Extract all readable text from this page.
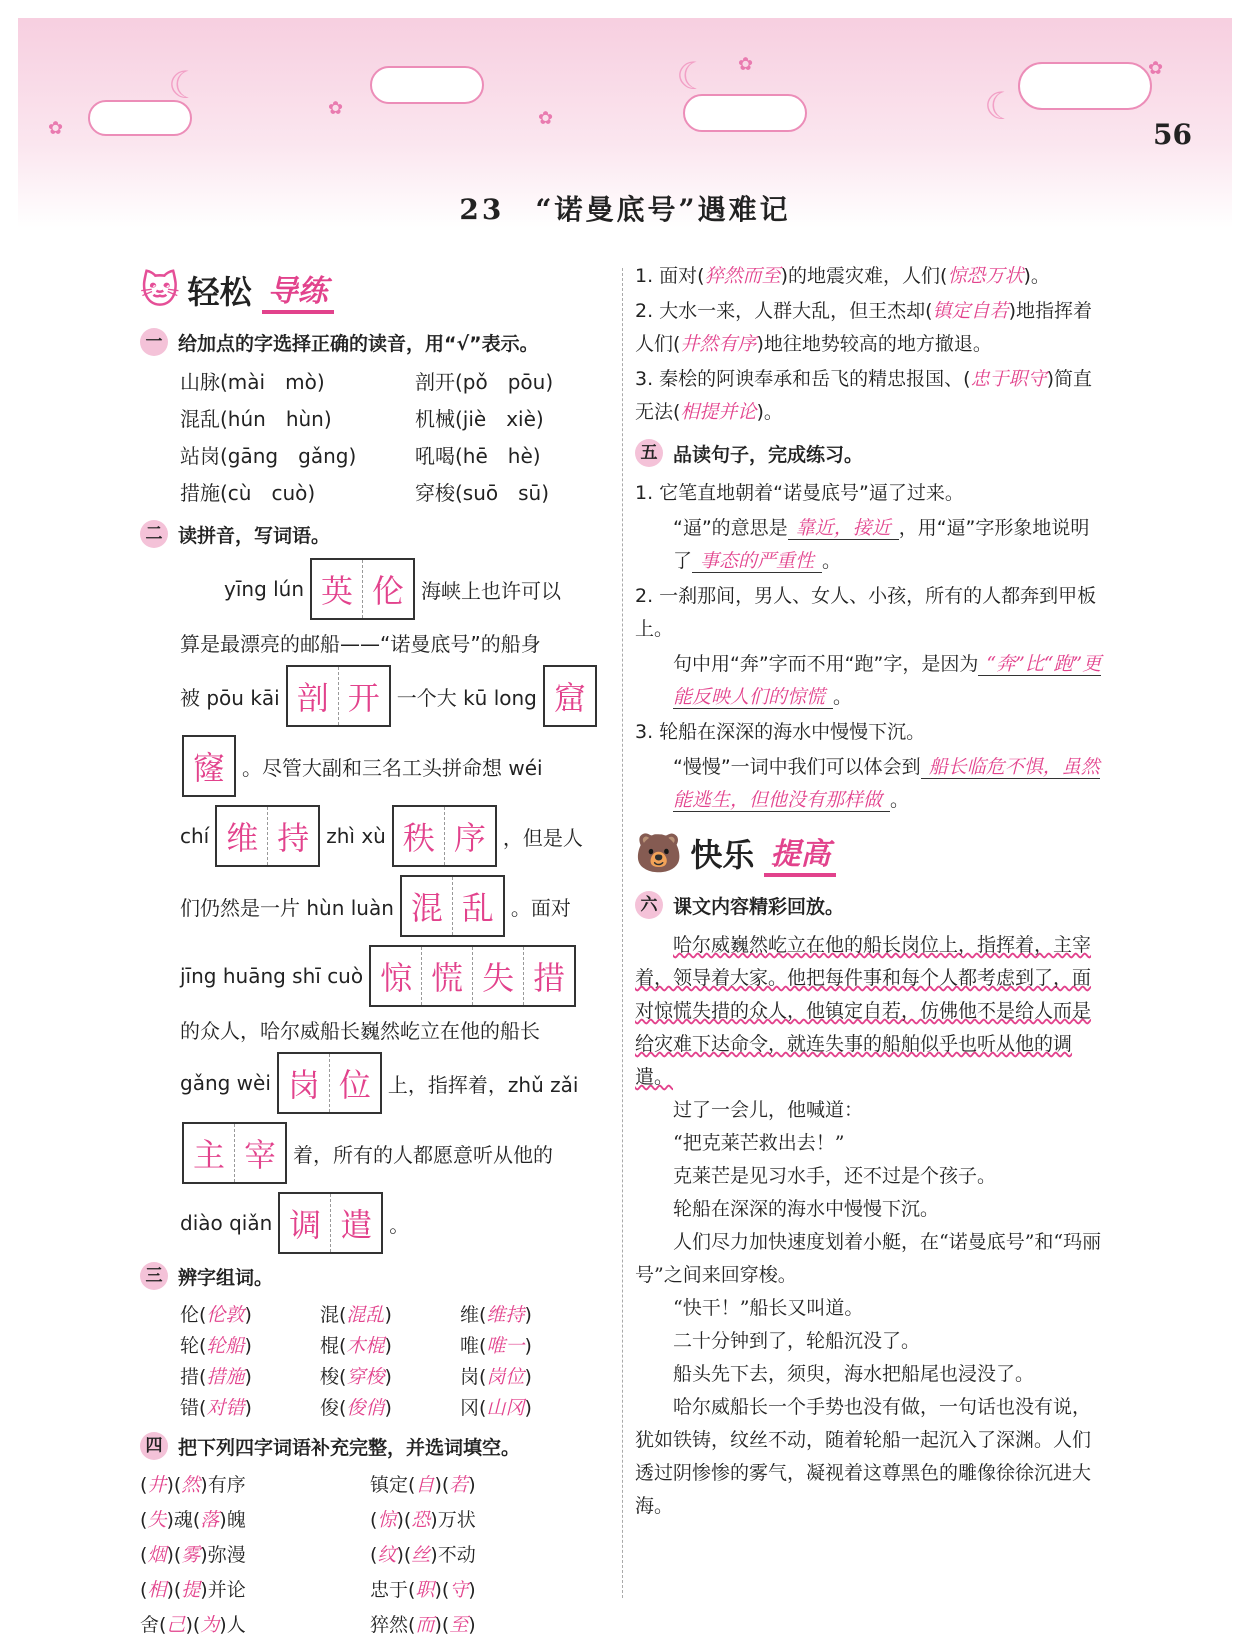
☾	☾
☾
✿
✿	✿
✿	✿
56
23　“诺曼底号”遇难记
🐱 轻松 导练
一 给加点的字选择正确的读音，用“√”表示。
山脉(mài　mò)	剖开(pǒ　pōu)
混乱(hún　hùn)	机械(jiè　xiè)
站岗(gāng　gǎng)	吼喝(hē　hè)
措施(cù　cuò)	穿梭(suō　sū)
二 读拼音，写词语。
yīng lún 英 伦 海峡上也许可以
算是最漂亮的邮船——“诺曼底号”的船身
被 pōu kāi 剖 开 一个大 kū long 窟
窿 。尽管大副和三名工头拼命想 wéi
chí 维 持 zhì xù 秩 序 ，但是人
们仍然是一片 hùn luàn 混 乱 。面对
jīng huāng shī cuò 惊 慌 失 措
的众人，哈尔威船长巍然屹立在他的船长
gǎng wèi 岗 位 上，指挥着，zhǔ zǎi
主 宰 着，所有的人都愿意听从他的
diào qiǎn 调 遣 。
三 辨字组词。
伦(伦敦)	混(混乱)	维(维持)
轮(轮船)	棍(木棍)	唯(唯一)
措(措施)	梭(穿梭)	岗(岗位)
错(对错)	俊(俊俏)	冈(山冈)
四 把下列四字词语补充完整，并选词填空。
(井)(然)有序	镇定(自)(若)
(失)魂(落)魄	(惊)(恐)万状
(烟)(雾)弥漫	(纹)(丝)不动
(相)(提)并论	忠于(职)(守)
舍(己)(为)人	猝然(而)(至)

1. 面对(猝然而至)的地震灾难，人们(惊恐万状)。

2. 大水一来，人群大乱，但王杰却(镇定自若)地指挥着人们(井然有序)地往地势较高的地方撤退。

3. 秦桧的阿谀奉承和岳飞的精忠报国、(忠于职守)简直无法(相提并论)。

五 品读句子，完成练习。

1. 它笔直地朝着“诺曼底号”逼了过来。

“逼”的意思是 靠近，接近 ，用“逼”字形象地说明了 事态的严重性 。

2. 一刹那间，男人、女人、小孩，所有的人都奔到甲板上。

句中用“奔”字而不用“跑”字，是因为 “奔”比“跑”更能反映人们的惊慌 。

3. 轮船在深深的海水中慢慢下沉。

“慢慢”一词中我们可以体会到 船长临危不惧，虽然能逃生，但他没有那样做 。

🐻 快乐 提高
六 课文内容精彩回放。

哈尔威巍然屹立在他的船长岗位上，指挥着，主宰着，领导着大家。他把每件事和每个人都考虑到了，面对惊慌失措的众人，他镇定自若，仿佛他不是给人而是给灾难下达命令，就连失事的船舶似乎也听从他的调遣。

过了一会儿，他喊道：

“把克莱芒救出去！”

克莱芒是见习水手，还不过是个孩子。

轮船在深深的海水中慢慢下沉。

人们尽力加快速度划着小艇，在“诺曼底号”和“玛丽号”之间来回穿梭。

“快干！”船长又叫道。

二十分钟到了，轮船沉没了。

船头先下去，须臾，海水把船尾也浸没了。

哈尔威船长一个手势也没有做，一句话也没有说，犹如铁铸，纹丝不动，随着轮船一起沉入了深渊。人们透过阴惨惨的雾气，凝视着这尊黑色的雕像徐徐沉进大海。
